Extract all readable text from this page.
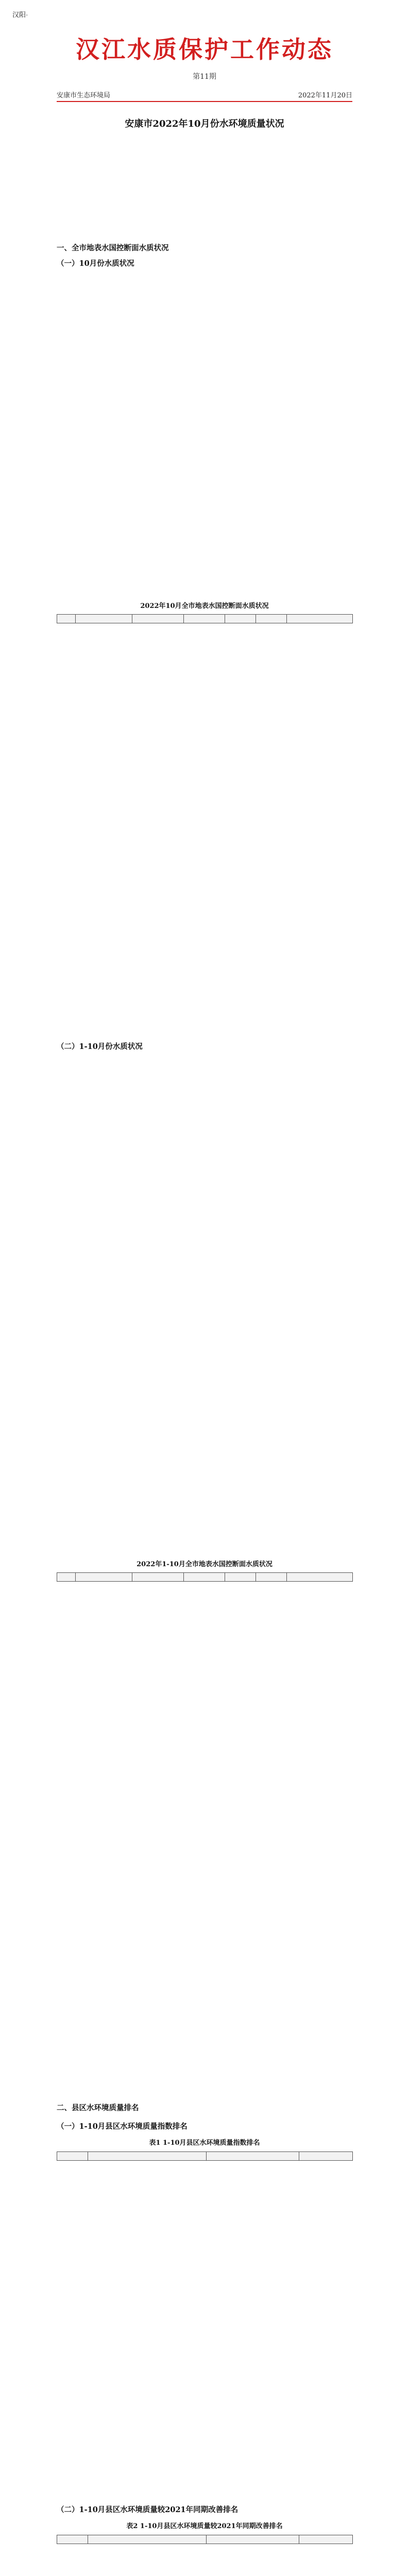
汉阳·
汉江水质保护工作动态
第11期
安康市生态环境局	2022年11月20日
安康市2022年10月份水环境质量状况
一、全市地表水国控断面水质状况
（一）10月份水质状况
2022年10月全市地表水国控断面水质状况

（二）1-10月份水质状况
2022年1-10月全市地表水国控断面水质状况

二、县区水环境质量排名
（一）1-10月县区水环境质量指数排名
表1 1-10月县区水环境质量指数排名

（二）1-10月县区水环境质量较2021年同期改善排名
表2 1-10月县区水环境质量较2021年同期改善排名
